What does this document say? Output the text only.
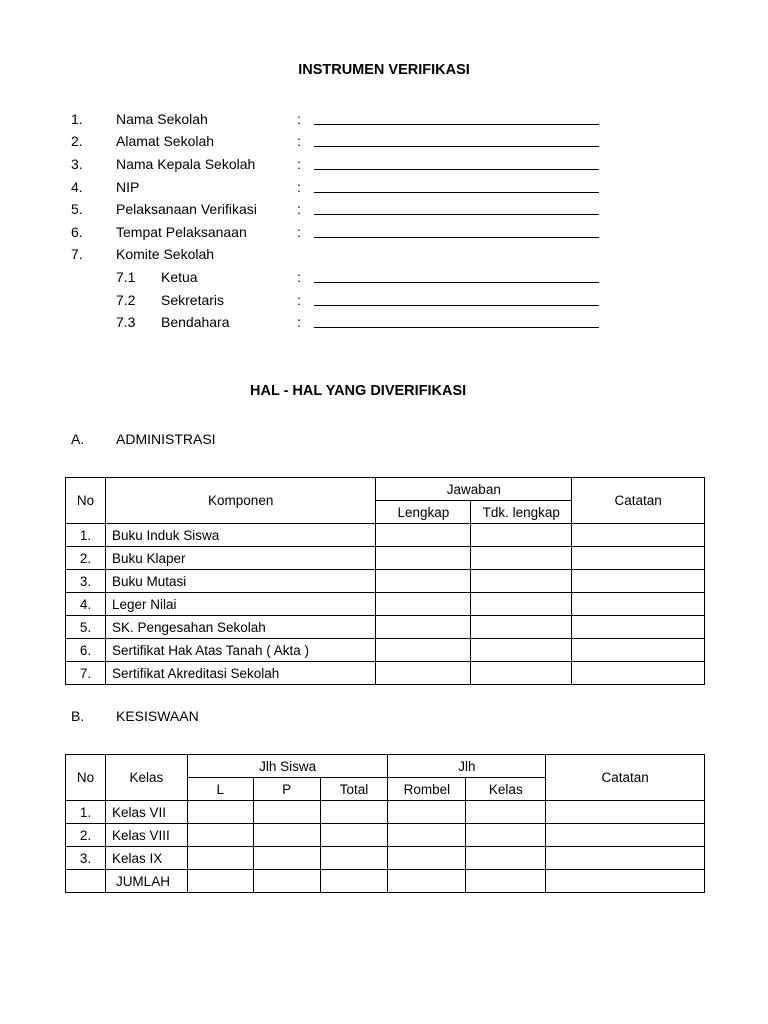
INSTRUMEN VERIFIKASI
1. Nama Sekolah	:
2. Alamat Sekolah	:
3. Nama Kepala Sekolah	:
4. NIP	:
5. Pelaksanaan Verifikasi	:
6. Tempat Pelaksanaan	:
7. Komite Sekolah
7.1 Ketua	:
7.2 Sekretaris	:
7.3 Bendahara	:
HAL - HAL YANG DIVERIFIKASI
A. ADMINISTRASI
No	Komponen	Jawaban		Catatan
		Lengkap	Tdk. lengkap	
1.	Buku Induk Siswa			
2.	Buku Klaper			
3.	Buku Mutasi			
4.	Leger Nilai			
5.	SK. Pengesahan Sekolah			
6.	Sertifikat Hak Atas Tanah ( Akta )			
7.	Sertifikat Akreditasi Sekolah			
B. KESISWAAN
No	Kelas	Jlh Siswa			Jlh		Catatan
		L	P	Total	Rombel	Kelas	
1.	Kelas VII						
2.	Kelas VIII						
3.	Kelas IX						
	JUMLAH						
